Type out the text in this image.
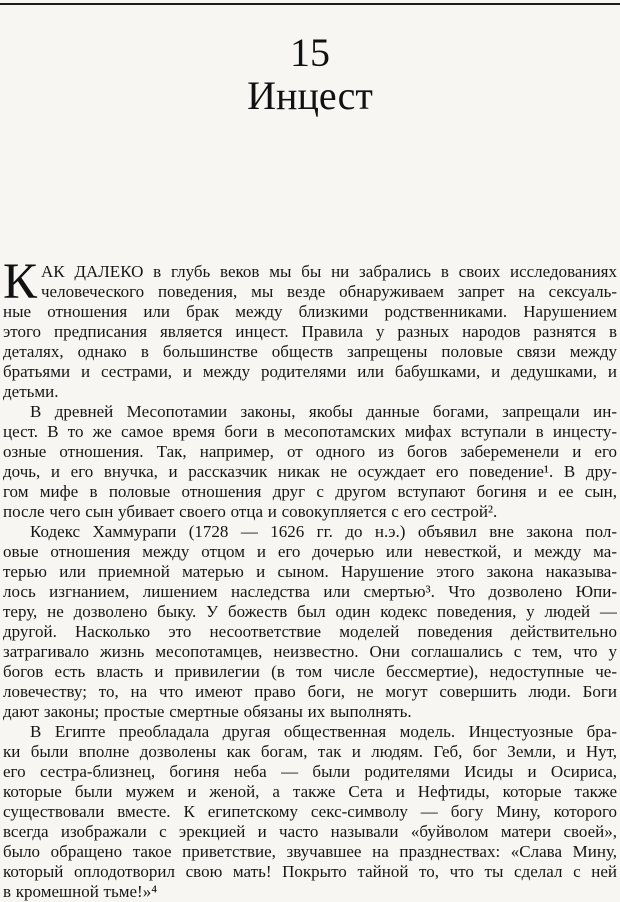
15
Инцест
К АК ДАЛЕКО в глубь веков мы бы ни забрались в своих исследованиях
человеческого поведения, мы везде обнаруживаем запрет на сексуаль-
ные отношения или брак между близкими родственниками. Нарушением
этого предписания является инцест. Правила у разных народов разнятся в
деталях, однако в большинстве обществ запрещены половые связи между
братьями и сестрами, и между родителями или бабушками, и дедушками, и
детьми.
В древней Месопотамии законы, якобы данные богами, запрещали ин-
цест. В то же самое время боги в месопотамских мифах вступали в инцесту-
озные отношения. Так, например, от одного из богов забеременели и его
дочь, и его внучка, и рассказчик никак не осуждает его поведение¹. В дру-
гом мифе в половые отношения друг с другом вступают богиня и ее сын,
после чего сын убивает своего отца и совокупляется с его сестрой².
Кодекс Хаммурапи (1728 — 1626 гг. до н.э.) объявил вне закона пол-
овые отношения между отцом и его дочерью или невесткой, и между ма-
терью или приемной матерью и сыном. Нарушение этого закона наказыва-
лось изгнанием, лишением наследства или смертью³. Что дозволено Юпи-
теру, не дозволено быку. У божеств был один кодекс поведения, у людей —
другой. Насколько это несоответствие моделей поведения действительно
затрагивало жизнь месопотамцев, неизвестно. Они соглашались с тем, что у
богов есть власть и привилегии (в том числе бессмертие), недоступные че-
ловечеству; то, на что имеют право боги, не могут совершить люди. Боги
дают законы; простые смертные обязаны их выполнять.
В Египте преобладала другая общественная модель. Инцестуозные бра-
ки были вполне дозволены как богам, так и людям. Геб, бог Земли, и Нут,
его сестра-близнец, богиня неба — были родителями Исиды и Осириса,
которые были мужем и женой, а также Сета и Нефтиды, которые также
существовали вместе. К египетскому секс-символу — богу Мину, которого
всегда изображали с эрекцией и часто называли «буйволом матери своей»,
было обращено такое приветствие, звучавшее на празднествах: «Слава Мину,
который оплодотворил свою мать! Покрыто тайной то, что ты сделал с ней
в кромешной тьме!»⁴
